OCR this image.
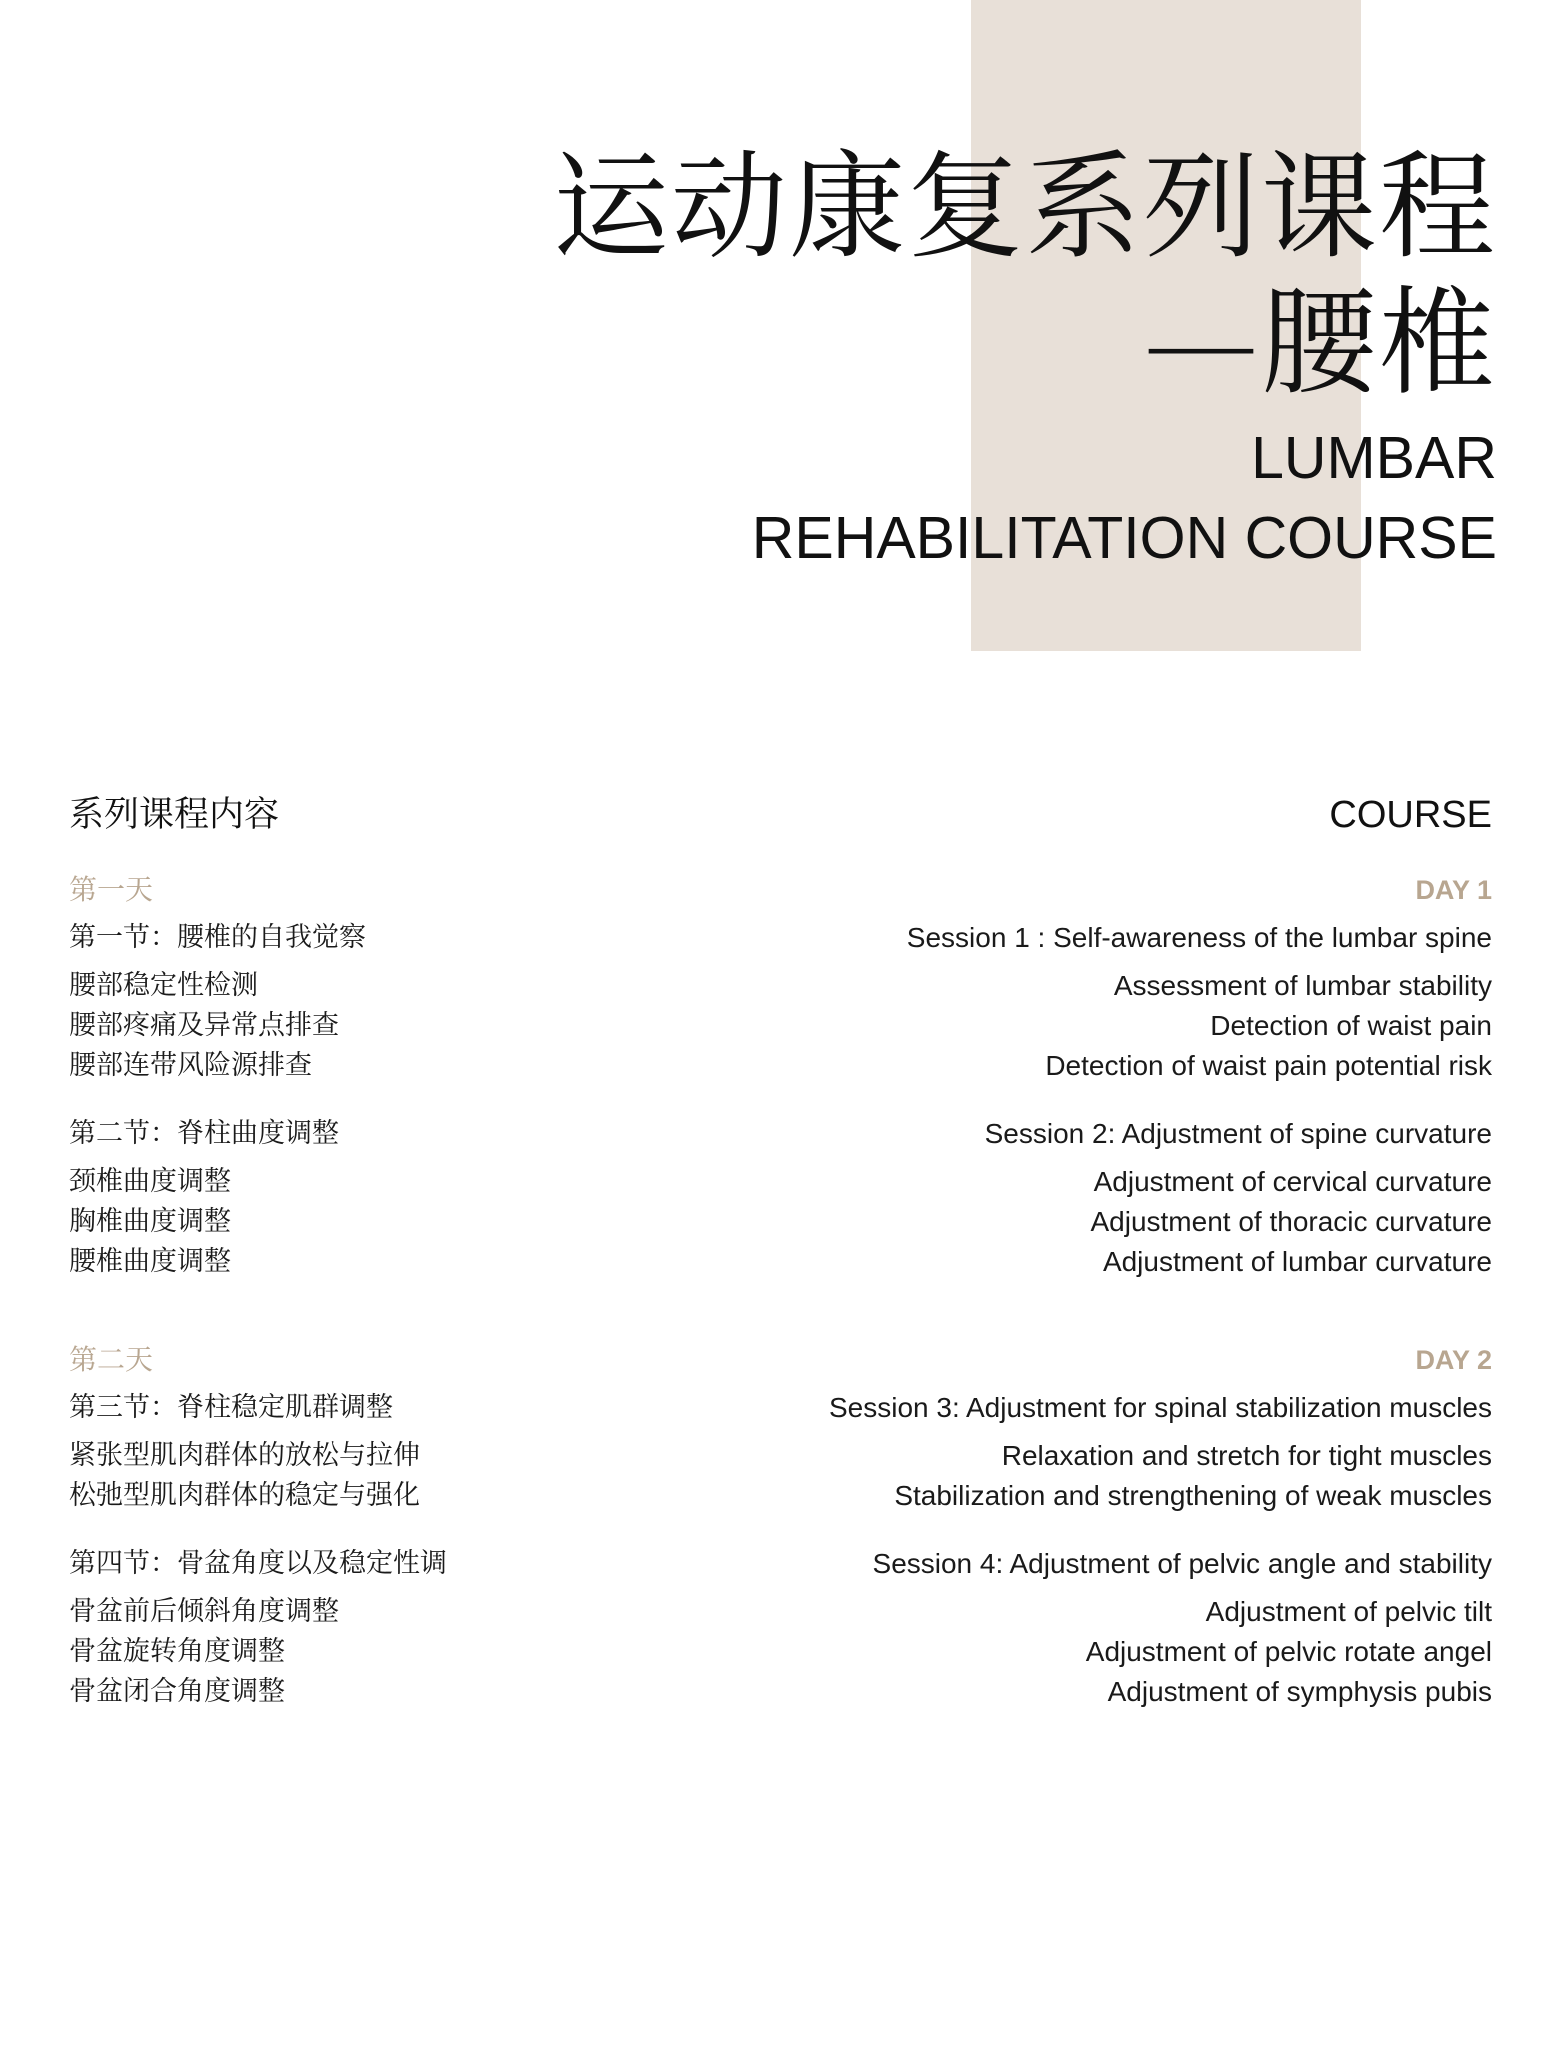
运动康复系列课程

—腰椎

LUMBAR

REHABILITATION COURSE

系列课程内容

第一天

第一节：腰椎的自我觉察

腰部稳定性检测

腰部疼痛及异常点排查

腰部连带风险源排查

第二节：脊柱曲度调整

颈椎曲度调整

胸椎曲度调整

腰椎曲度调整

第二天

第三节：脊柱稳定肌群调整

紧张型肌肉群体的放松与拉伸

松弛型肌肉群体的稳定与强化

第四节：骨盆角度以及稳定性调

骨盆前后倾斜角度调整

骨盆旋转角度调整

骨盆闭合角度调整

COURSE

DAY 1

Session 1 : Self-awareness of the lumbar spine

Assessment of lumbar stability

Detection of waist pain

Detection of waist pain potential risk

Session 2: Adjustment of spine curvature

Adjustment of cervical curvature

Adjustment of thoracic curvature

Adjustment of lumbar curvature

DAY 2

Session 3: Adjustment for spinal stabilization muscles

Relaxation and stretch for tight muscles

Stabilization and strengthening of weak muscles

Session 4: Adjustment of pelvic angle and stability

Adjustment of pelvic tilt

Adjustment of pelvic rotate angel

Adjustment of symphysis pubis
